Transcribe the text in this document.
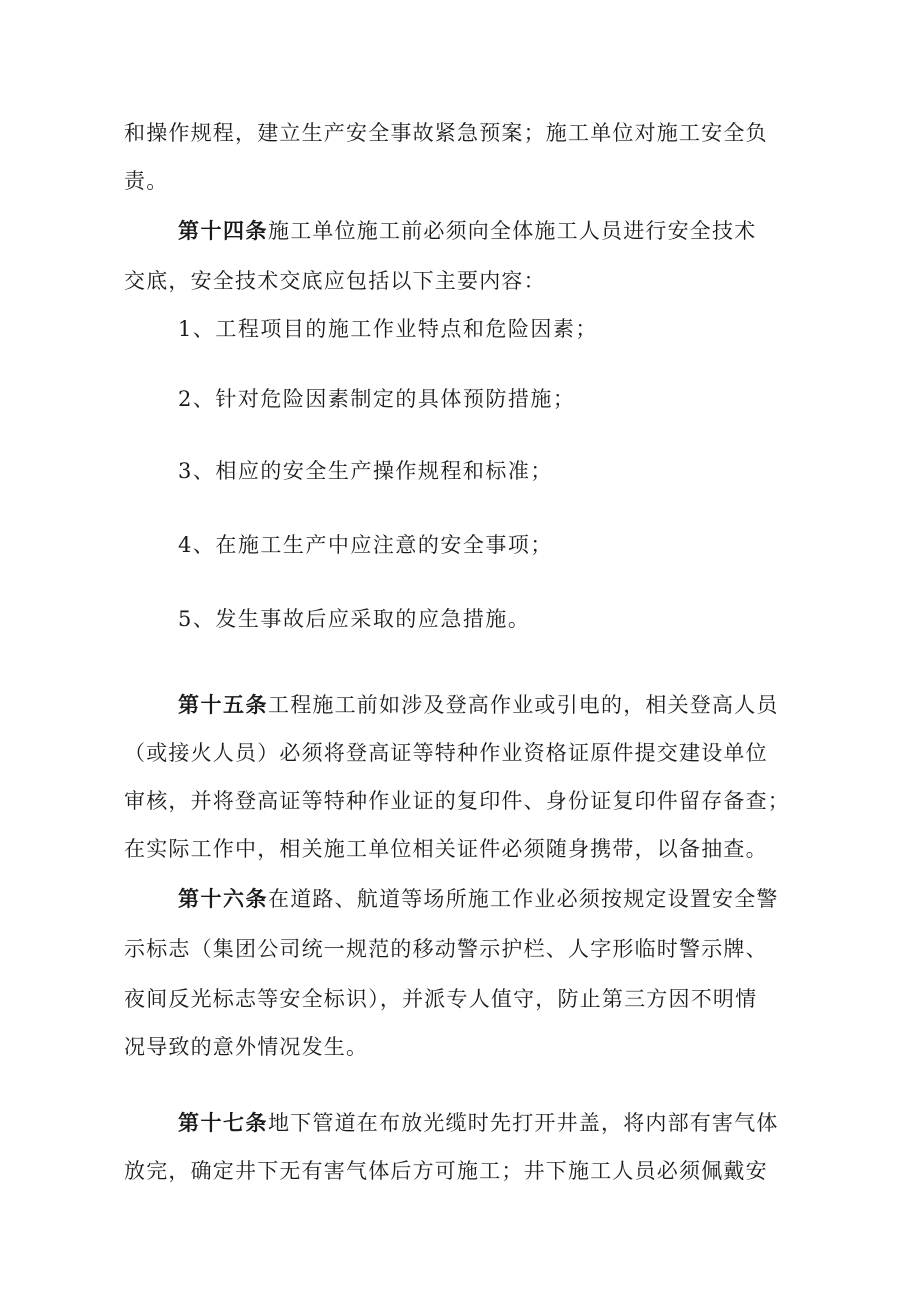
和操作规程，建立生产安全事故紧急预案；施工单位对施工安全负
责。
第十四条施工单位施工前必须向全体施工人员进行安全技术
交底，安全技术交底应包括以下主要内容：
1、工程项目的施工作业特点和危险因素；
2、针对危险因素制定的具体预防措施；
3、相应的安全生产操作规程和标准；
4、在施工生产中应注意的安全事项；
5、发生事故后应采取的应急措施。
第十五条工程施工前如涉及登高作业或引电的，相关登高人员
（或接火人员）必须将登高证等特种作业资格证原件提交建设单位
审核，并将登高证等特种作业证的复印件、身份证复印件留存备查；
在实际工作中，相关施工单位相关证件必须随身携带，以备抽查。
第十六条在道路、航道等场所施工作业必须按规定设置安全警
示标志（集团公司统一规范的移动警示护栏、人字形临时警示牌、
夜间反光标志等安全标识），并派专人值守，防止第三方因不明情
况导致的意外情况发生。
第十七条地下管道在布放光缆时先打开井盖，将内部有害气体
放完，确定井下无有害气体后方可施工；井下施工人员必须佩戴安
